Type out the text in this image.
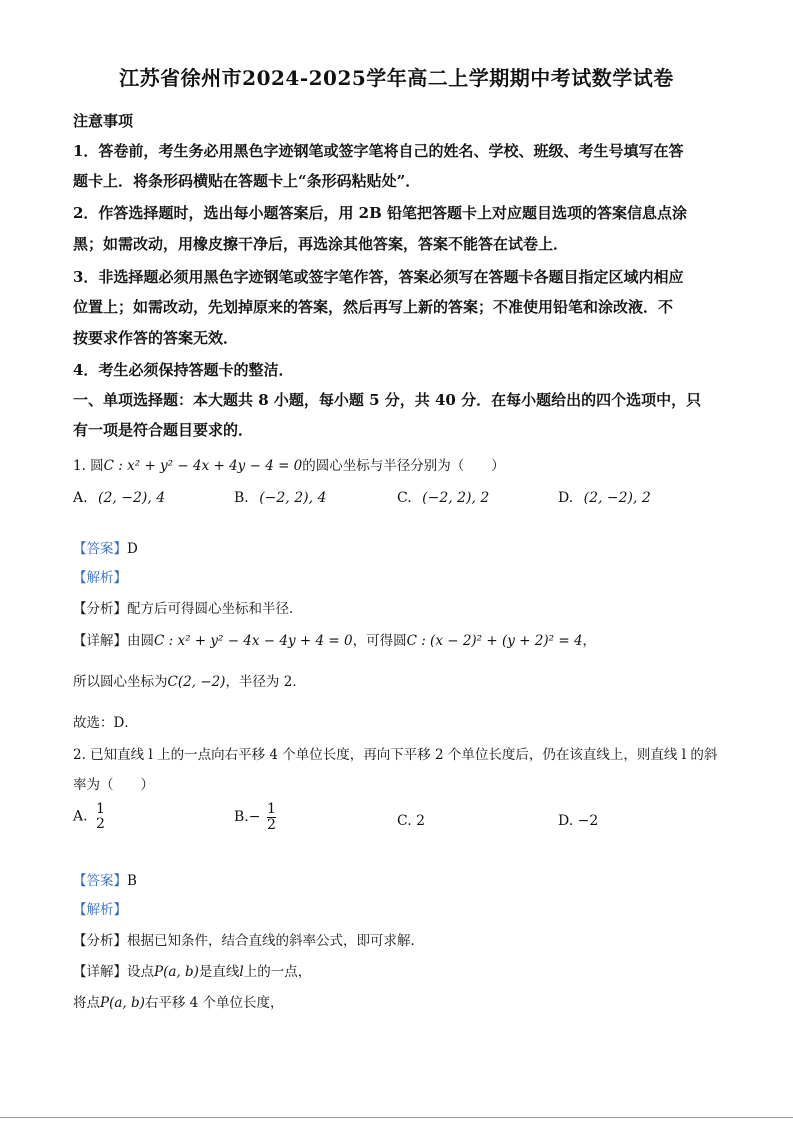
江苏省徐州市2024-2025学年高二上学期期中考试数学试卷
注意事项
1．答卷前，考生务必用黑色字迹钢笔或签字笔将自己的姓名、学校、班级、考生号填写在答
题卡上．将条形码横贴在答题卡上“条形码粘贴处”．
2．作答选择题时，选出每小题答案后，用 2B 铅笔把答题卡上对应题目选项的答案信息点涂
黑；如需改动，用橡皮擦干净后，再选涂其他答案，答案不能答在试卷上．
3．非选择题必须用黑色字迹钢笔或签字笔作答，答案必须写在答题卡各题目指定区域内相应
位置上；如需改动，先划掉原来的答案，然后再写上新的答案；不准使用铅笔和涂改液．不
按要求作答的答案无效．
4．考生必须保持答题卡的整洁．
一、单项选择题：本大题共 8 小题，每小题 5 分，共 40 分．在每小题给出的四个选项中，只
有一项是符合题目要求的．
1. 圆C : x² + y² − 4x + 4y − 4 = 0的圆心坐标与半径分别为（　　）
A. (2, −2), 4	B. (−2, 2), 4	C. (−2, 2), 2	D. (2, −2), 2
【答案】D
【解析】
【分析】配方后可得圆心坐标和半径．
【详解】由圆C : x² + y² − 4x − 4y + 4 = 0，可得圆C : (x − 2)² + (y + 2)² = 4，
所以圆心坐标为C(2, −2)，半径为 2．
故选：D．
2. 已知直线 l 上的一点向右平移 4 个单位长度，再向下平移 2 个单位长度后，仍在该直线上，则直线 l 的斜
率为（　　）
A. 1
2	$B.- \frac{1}{2}$	C. 2	D. −2
【答案】B
【解析】
【分析】根据已知条件，结合直线的斜率公式，即可求解．
【详解】设点P(a, b)是直线l上的一点，
将点P(a, b)右平移 4 个单位长度，
